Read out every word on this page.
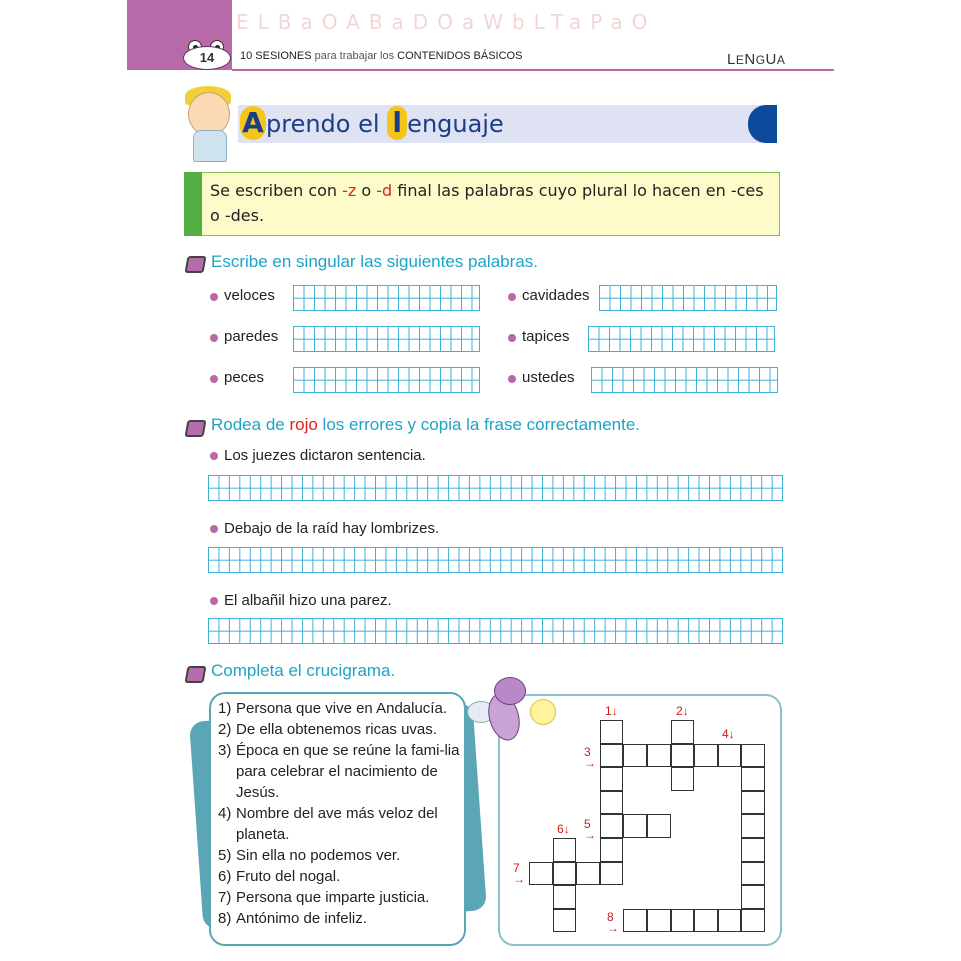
ELBaOABaDOaWbLTaPaO
14	10 SESIONES para trabajar los CONTENIDOS BÁSICOS	LENGUA
Aprendo el l enguaje
Se escriben con -z o -d final las palabras cuyo plural lo hacen en -ces o -des.
Escribe en singular las siguientes palabras.
veloces	cavidades
paredes	tapices
peces	ustedes
Rodea de rojo los errores y copia la frase correctamente.
Los juezes dictaron sentencia.
Debajo de la raíd hay lombrizes.
El albañil hizo una parez.
Completa el crucigrama.
1) Persona que vive en Andalucía.
2) De ella obtenemos ricas uvas.
3) Época en que se reúne la fami-lia para celebrar el nacimiento de Jesús.
4) Nombre del ave más veloz del planeta.
5) Sin ella no podemos ver.
6) Fruto del nogal.
7) Persona que imparte justicia.
8) Antónimo de infeliz.
1↓	2↓
4↓
3
→
6↓ 5
→
7
→
8
→
